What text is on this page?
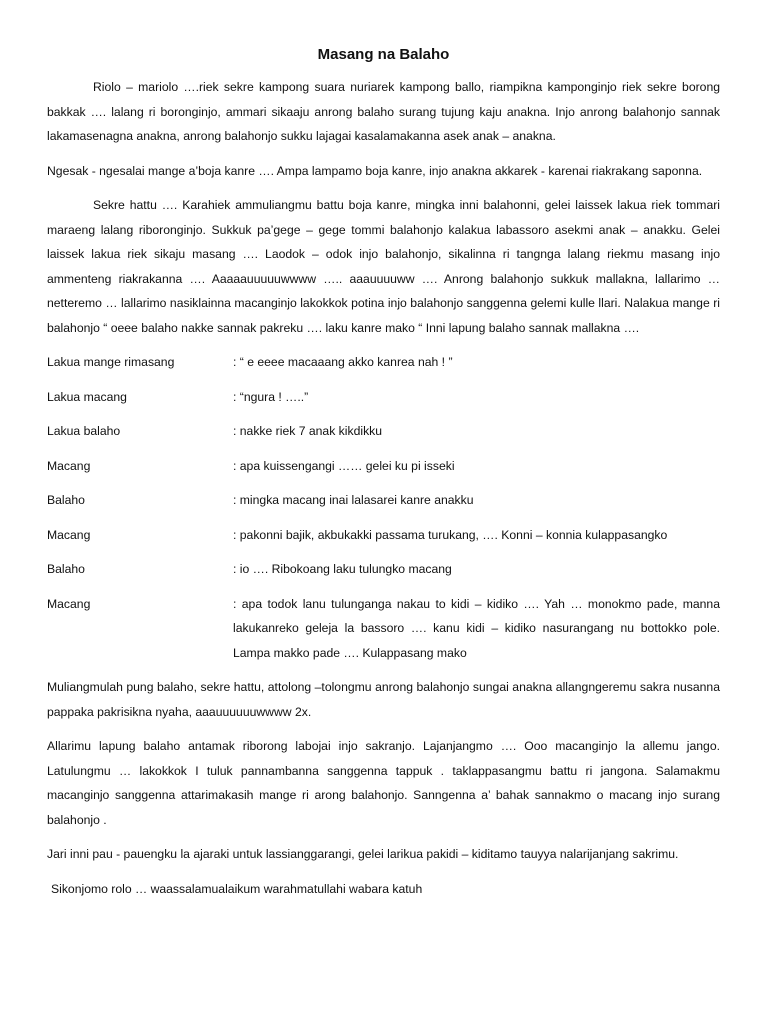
Masang na Balaho

Riolo – mariolo ….riek sekre kampong suara nuriarek kampong ballo, riampikna kamponginjo riek sekre borong bakkak …. lalang ri boronginjo, ammari sikaaju anrong balaho surang tujung kaju anakna. Injo anrong balahonjo sannak lakamasenagna anakna, anrong balahonjo sukku lajagai kasalamakanna asek anak – anakna.

Ngesak - ngesalai mange a’boja kanre …. Ampa lampamo boja kanre, injo anakna akkarek - karenai riakrakang saponna.

Sekre hattu …. Karahiek ammuliangmu battu boja kanre, mingka inni balahonni, gelei laissek lakua riek tommari maraeng lalang riboronginjo. Sukkuk pa’gege – gege tommi balahonjo kalakua labassoro asekmi anak – anakku. Gelei laissek lakua riek sikaju masang …. Laodok – odok injo balahonjo, sikalinna ri tangnga lalang riekmu masang injo ammenteng riakrakanna …. Aaaaauuuuuwwww ….. aaauuuuww …. Anrong balahonjo sukkuk mallakna, lallarimo … netteremo … lallarimo nasiklainna macanginjo lakokkok potina injo balahonjo sanggenna gelemi kulle llari. Nalakua mange ri balahonjo “ oeee balaho nakke sannak pakreku …. laku kanre mako “ Inni lapung balaho sannak mallakna ….

Lakua mange rimasang	: “ e eeee macaaang akko kanrea nah ! ”
Lakua macang	: “ngura ! …..”
Lakua balaho	: nakke riek 7 anak kikdikku
Macang	: apa kuissengangi …… gelei ku pi isseki
Balaho	: mingka macang inai lalasarei kanre anakku
Macang	: pakonni bajik, akbukakki passama turukang, …. Konni – konnia kulappasangko
Balaho	: io …. Ribokoang laku tulungko macang
Macang	: apa todok lanu tulunganga nakau to kidi – kidiko …. Yah … monokmo pade, manna lakukanreko geleja la bassoro …. kanu kidi – kidiko nasurangang nu bottokko pole. Lampa makko pade …. Kulappasang mako

Muliangmulah pung balaho, sekre hattu, attolong –tolongmu anrong balahonjo sungai anakna allangngeremu sakra nusanna pappaka pakrisikna nyaha, aaauuuuuuwwww 2x.

Allarimu lapung balaho antamak riborong labojai injo sakranjo. Lajanjangmo …. Ooo macanginjo la allemu jango. Latulungmu … lakokkok I tuluk pannambanna sanggenna tappuk . taklappasangmu battu ri jangona. Salamakmu macanginjo sanggenna attarimakasih mange ri arong balahonjo. Sanngenna a’ bahak sannakmo o macang injo surang balahonjo .

Jari inni pau - pauengku la ajaraki untuk lassianggarangi, gelei larikua pakidi – kiditamo tauyya nalarijanjang sakrimu.

Sikonjomo rolo … waassalamualaikum warahmatullahi wabara katuh
